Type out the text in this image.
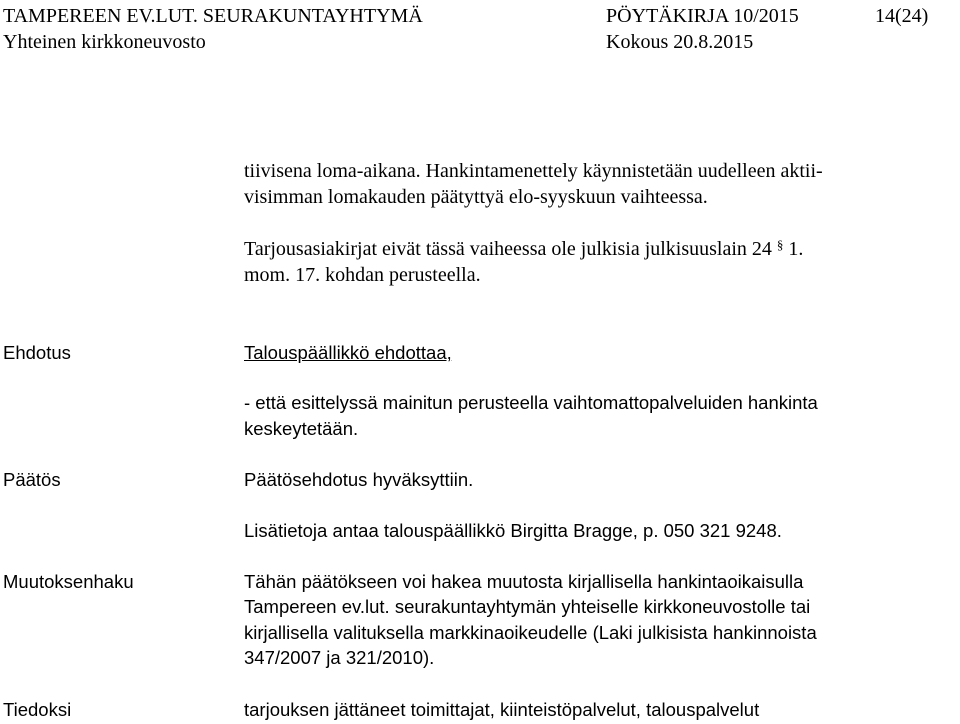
TAMPEREEN EV.LUT. SEURAKUNTAYHTYMÄ	PÖYTÄKIRJA 10/2015	14(24)
Yhteinen kirkkoneuvosto	Kokous 20.8.2015
tiivisena loma-aikana. Hankintamenettely käynnistetään uudelleen aktii-
visimman lomakauden päätyttyä elo-syyskuun vaihteessa.
Tarjousasiakirjat eivät tässä vaiheessa ole julkisia julkisuuslain 24 § 1.
mom. 17. kohdan perusteella.
Ehdotus	Talouspäällikkö ehdottaa,
- että esittelyssä mainitun perusteella vaihtomattopalveluiden hankinta
keskeytetään.
Päätös	Päätösehdotus hyväksyttiin.
Lisätietoja antaa talouspäällikkö Birgitta Bragge, p. 050 321 9248.
Muutoksenhaku	Tähän päätökseen voi hakea muutosta kirjallisella hankintaoikaisulla
Tampereen ev.lut. seurakuntayhtymän yhteiselle kirkkoneuvostolle tai
kirjallisella valituksella markkinaoikeudelle (Laki julkisista hankinnoista
347/2007 ja 321/2010).
Tiedoksi	tarjouksen jättäneet toimittajat, kiinteistöpalvelut, talouspalvelut
